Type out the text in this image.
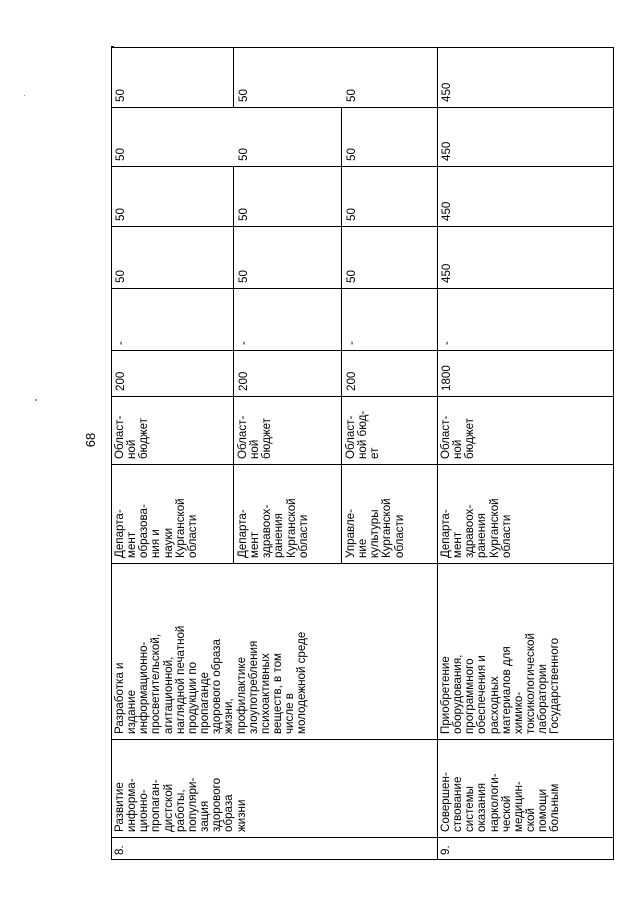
68
8.
Развитие
информа-
ционно-
пропаган-
дистской
работы,
популяри-
зация
здорового
образа
жизни
Разработка и
издание
информационно-
просветительской,
агитационной,
наглядной печатной
продукции по
пропаганде
здорового образа
жизни,
профилактике
злоупотребления
психоактивных
веществ, в том
числе в
молодежной среде
Департа-
мент
образова-
ния и
науки
Курганской
области
Област-
ной
бюджет
200
-
50
50
50
50
Департа-
мент
здравоох-
ранения
Курганской
области
Област-
ной
бюджет
200
-
50
50
50
50
Управле-
ние
культуры
Курганской
области
Област-
ной бюд-
ет
200
-
50
50
50
50
9.
Совершен-
ствование
системы
оказания
наркологи-
ческой
медицин-
ской
помощи
больным
Приобретение
оборудования,
программного
обеспечения и
расходных
материалов для
химико-
токсикологической
лаборатории
Государственного
Департа-
мент
здравоох-
ранения
Курганской
области
Област-
ной
бюджет
1800
-
450
450
450
450
